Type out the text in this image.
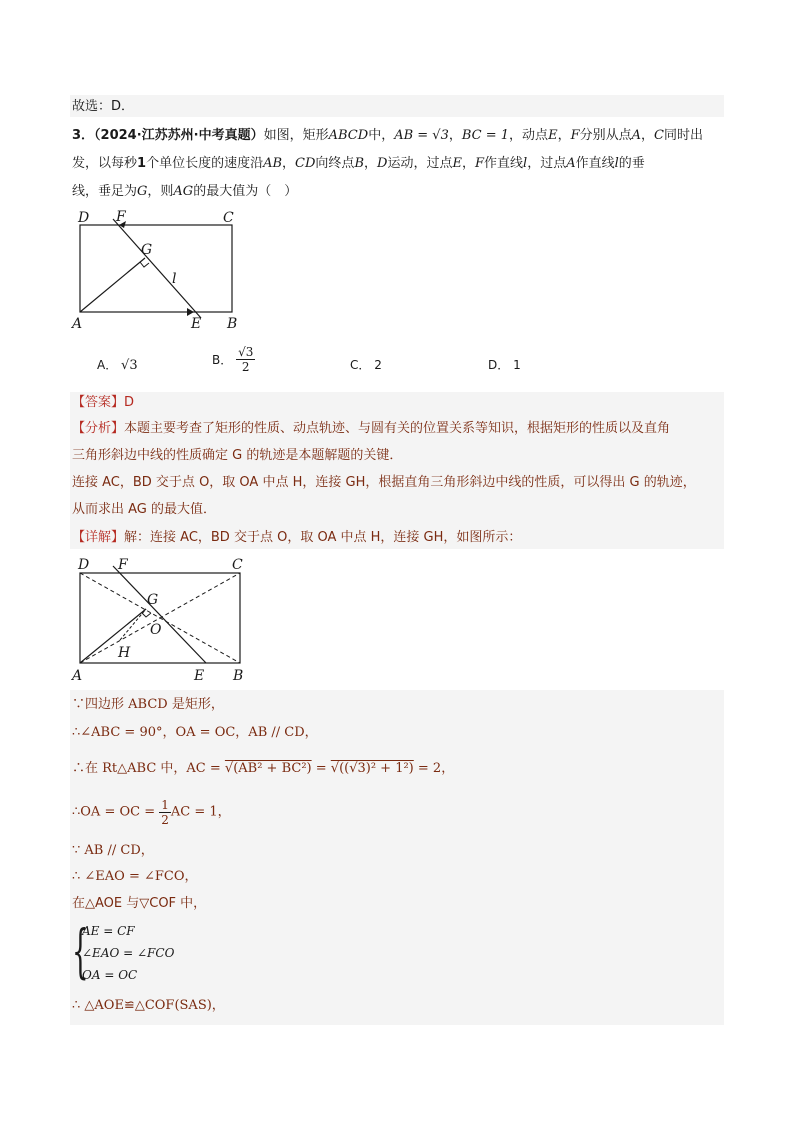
故选：D．
3．（2024·江苏苏州·中考真题）如图，矩形ABCD中，AB = √3，BC = 1，动点E，F分别从点A，C同时出
发，以每秒1个单位长度的速度沿AB，CD向终点B，D运动，过点E，F作直线l，过点A作直线l的垂
线，垂足为G，则AG的最大值为（　）
D F	C
G
l
A	E B
A． √3	B． $\frac{√3}{2}$	C． 2	D． 1
【答案】D
【分析】本题主要考查了矩形的性质、动点轨迹、与圆有关的位置关系等知识，根据矩形的性质以及直角
三角形斜边中线的性质确定 G 的轨迹是本题解题的关键．
连接 AC，BD 交于点 O，取 OA 中点 H，连接 GH，根据直角三角形斜边中线的性质，可以得出 G 的轨迹，
从而求出 AG 的最大值．
【详解】解：连接 AC，BD 交于点 O，取 OA 中点 H，连接 GH，如图所示：
D F	C
G
O
H
A	E B
∵四边形 ABCD 是矩形，
∴∠ABC = 90°，OA = OC，AB // CD，
∴在 Rt△ABC 中，AC = √(AB² + BC²) = √((√3)² + 1²) = 2，
∴OA = OC = $\frac{1}{2}$ AC = 1，
∵ AB // CD，
∴ ∠EAO = ∠FCO，
在△AOE 与▽COF 中，
{
AE = CF
∠EAO = ∠FCO
OA = OC
∴ △AOE≌△COF(SAS)，
